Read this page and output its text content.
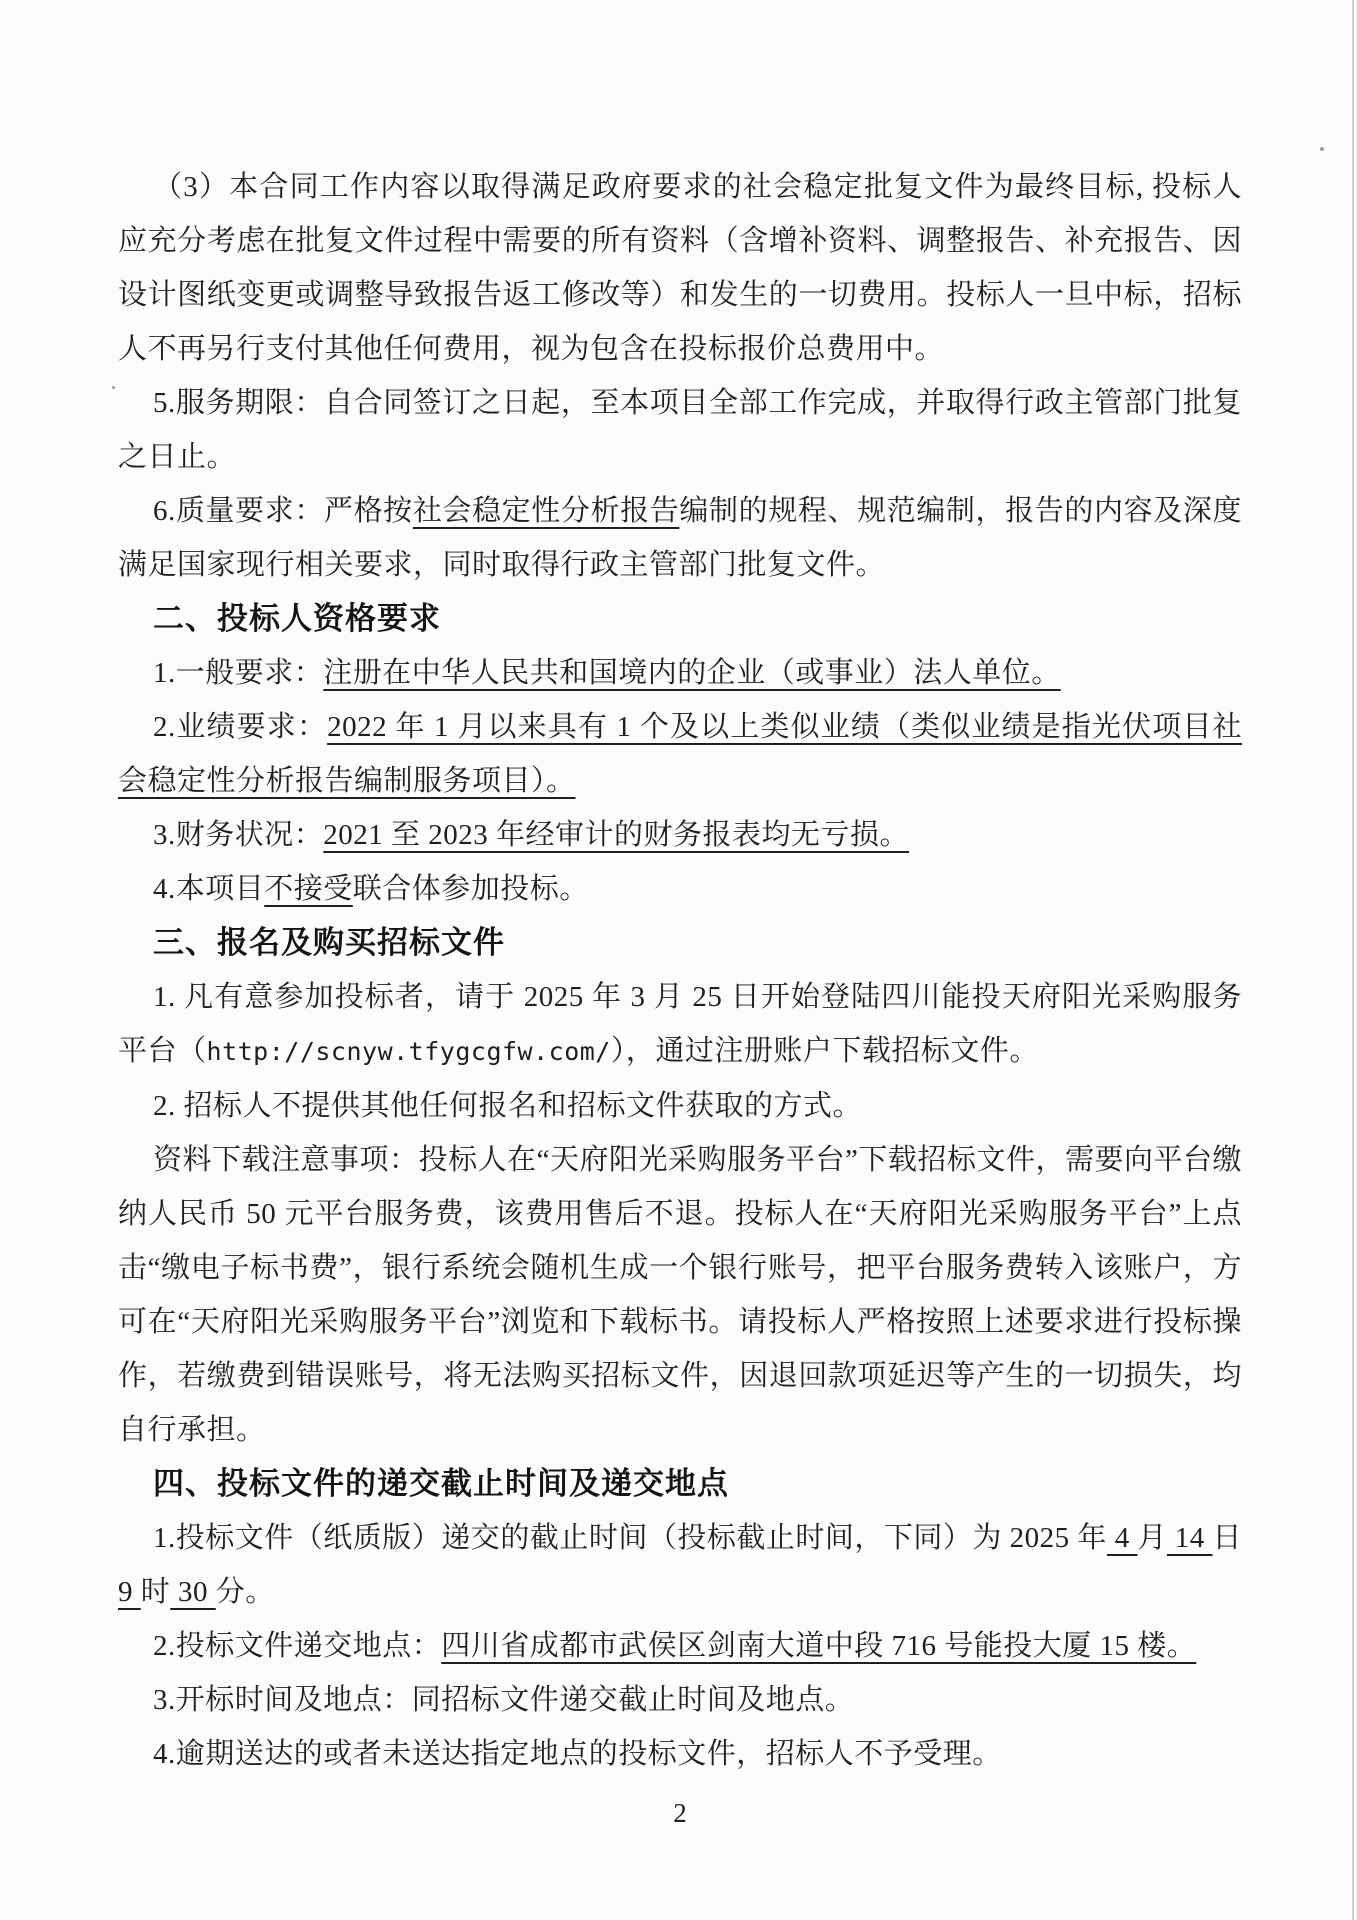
（3）本合同工作内容以取得满足政府要求的社会稳定批复文件为最终目标, 投标人应充分考虑在批复文件过程中需要的所有资料（含增补资料、调整报告、补充报告、因设计图纸变更或调整导致报告返工修改等）和发生的一切费用。投标人一旦中标，招标人不再另行支付其他任何费用，视为包含在投标报价总费用中。

5.服务期限：自合同签订之日起，至本项目全部工作完成，并取得行政主管部门批复之日止。

6.质量要求：严格按社会稳定性分析报告编制的规程、规范编制，报告的内容及深度满足国家现行相关要求，同时取得行政主管部门批复文件。

二、投标人资格要求

1.一般要求：注册在中华人民共和国境内的企业（或事业）法人单位。

2.业绩要求：2022 年 1 月以来具有 1 个及以上类似业绩（类似业绩是指光伏项目社会稳定性分析报告编制服务项目）。

3.财务状况：2021 至 2023 年经审计的财务报表均无亏损。

4.本项目不接受联合体参加投标。

三、报名及购买招标文件

1. 凡有意参加投标者，请于 2025 年 3 月 25 日开始登陆四川能投天府阳光采购服务平台（http://scnyw.tfygcgfw.com/），通过注册账户下载招标文件。

2. 招标人不提供其他任何报名和招标文件获取的方式。

资料下载注意事项：投标人在“天府阳光采购服务平台”下载招标文件，需要向平台缴纳人民币 50 元平台服务费，该费用售后不退。投标人在“天府阳光采购服务平台”上点击“缴电子标书费”，银行系统会随机生成一个银行账号，把平台服务费转入该账户，方可在“天府阳光采购服务平台”浏览和下载标书。请投标人严格按照上述要求进行投标操作，若缴费到错误账号，将无法购买招标文件，因退回款项延迟等产生的一切损失，均自行承担。

四、投标文件的递交截止时间及递交地点

1.投标文件（纸质版）递交的截止时间（投标截止时间，下同）为 2025 年 4 月 14 日 9 时 30 分。

2.投标文件递交地点：四川省成都市武侯区剑南大道中段 716 号能投大厦 15 楼。

3.开标时间及地点：同招标文件递交截止时间及地点。

4.逾期送达的或者未送达指定地点的投标文件，招标人不予受理。

2
